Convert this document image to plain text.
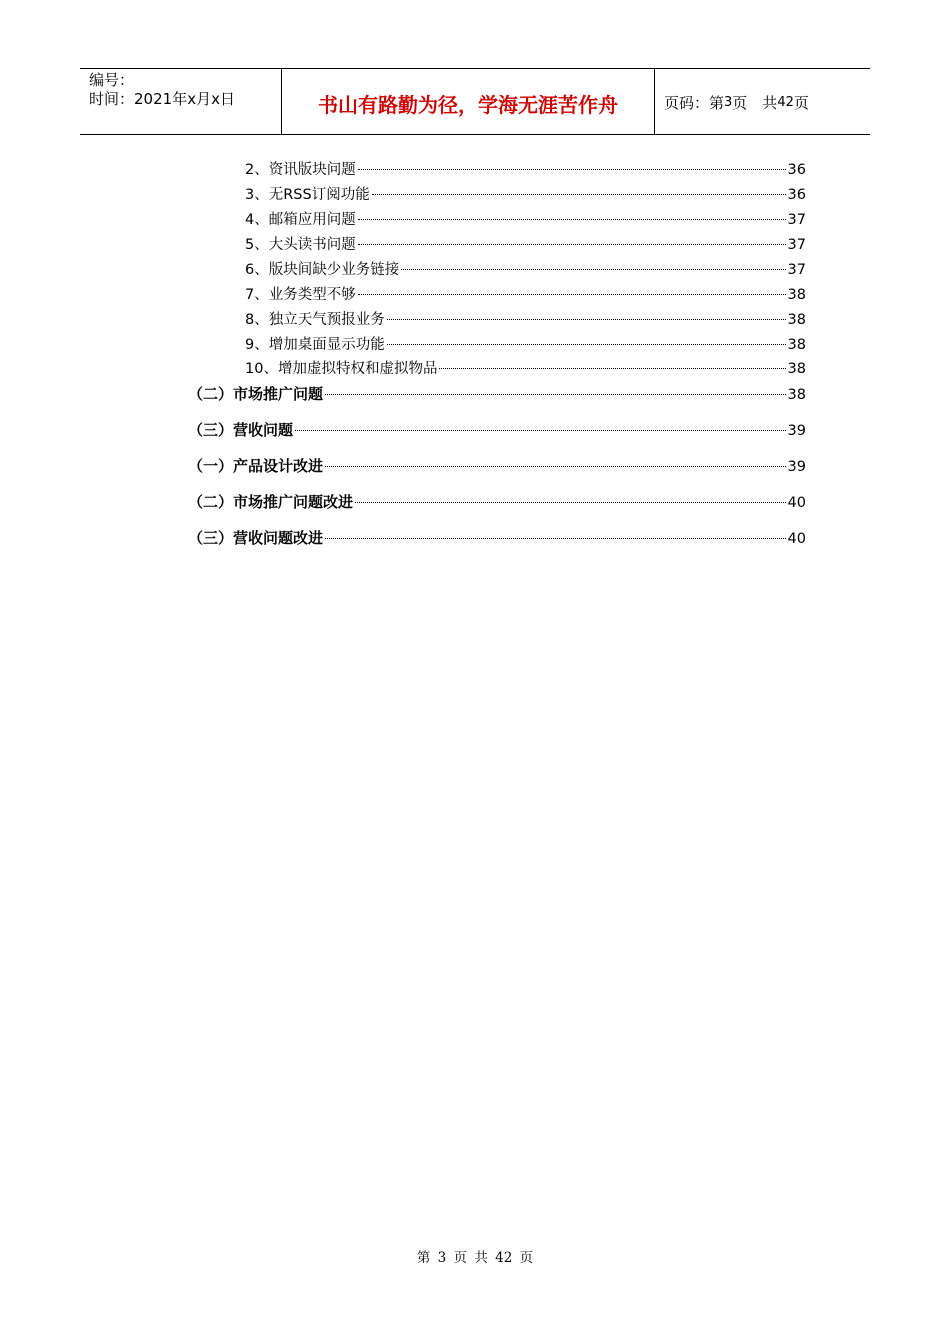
编号：
时间：2021年x月x日	书山有路勤为径，学海无涯苦作舟	页码：第 3 页　共 42 页
2、资讯版块问题	36
3、无RSS订阅功能	36
4、邮箱应用问题	37
5、大头读书问题	37
6、版块间缺少业务链接	37
7、业务类型不够	38
8、独立天气预报业务	38
9、增加桌面显示功能	38
10、增加虚拟特权和虚拟物品	38
（二）市场推广问题	38
（三）营收问题	39
（一）产品设计改进	39
（二）市场推广问题改进	40
（三）营收问题改进	40
第 3 页 共 42 页
